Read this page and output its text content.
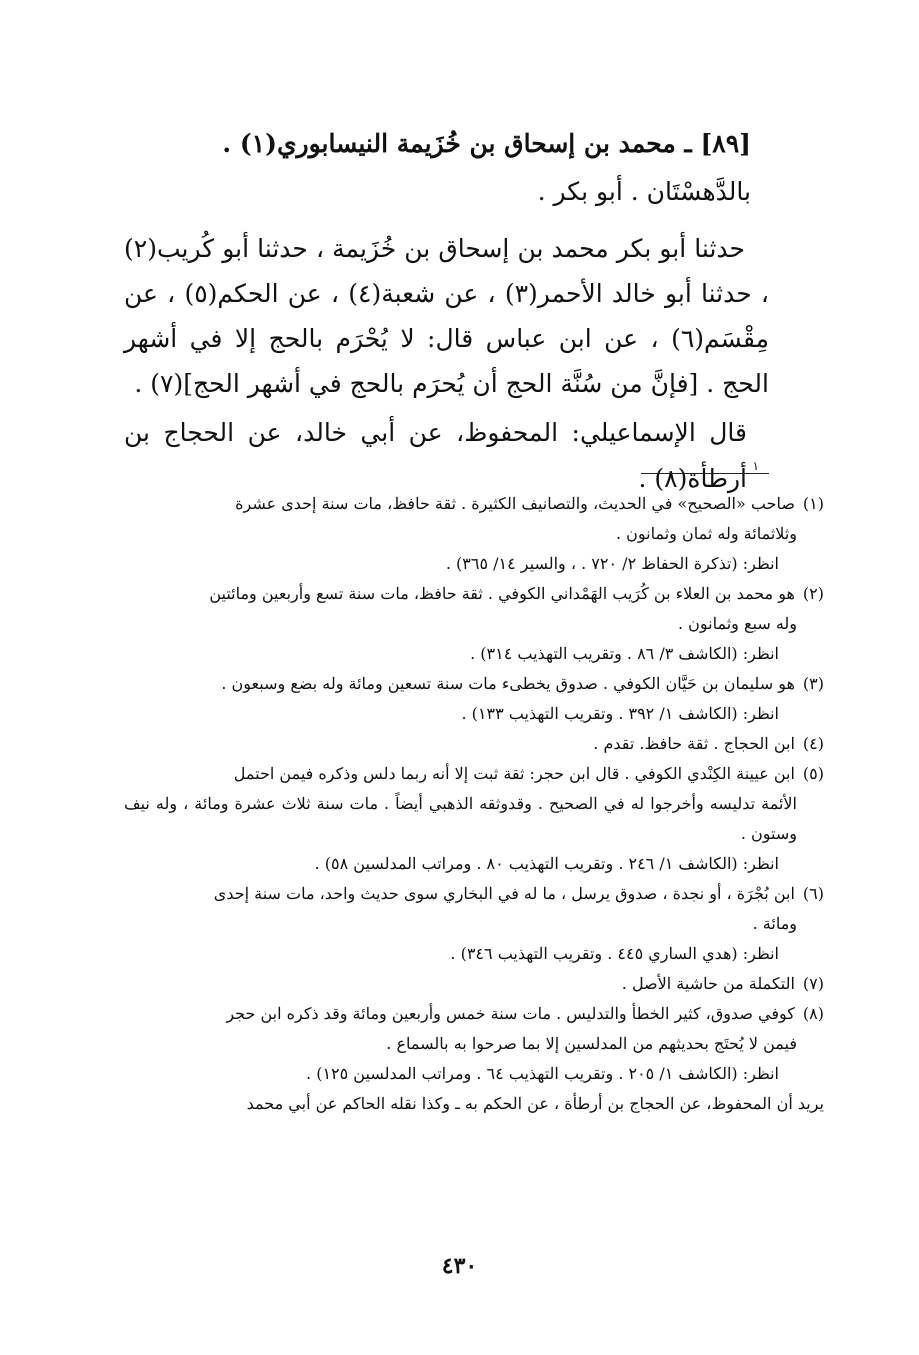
[٨٩] ـ محمد بن إسحاق بن خُزَيمة النيسابوري(١) .

بالدَّهسْتَان . أبو بكر .

حدثنا أبو بكر محمد بن إسحاق بن خُزَيمة ، حدثنا أبو كُريب(٢) ، حدثنا أبو خالد الأحمر(٣) ، عن شعبة(٤) ، عن الحكم(٥) ، عن مِقْسَم(٦) ، عن ابن عباس قال: لا يُحْرَم بالحج إلا في أشهر الحج . [فإنَّ من سُنَّة الحج أن يُحرَم بالحج في أشهر الحج](٧) .

قال الإسماعيلي: المحفوظ، عن أبي خالد، عن الحجاج بن أرطأة(٨) . ١

(١) صاحب «الصحيح» في الحديث، والتصانيف الكثيرة . ثقة حافظ، مات سنة إحدى عشرة

وثلاثمائة وله ثمان وثمانون .

انظر: (تذكرة الحفاظ ٢/ ٧٢٠ . ، والسير ١٤/ ٣٦٥) .

(٢) هو محمد بن العلاء بن كُرَيب الهَمْداني الكوفي . ثقة حافظ، مات سنة تسع وأربعين ومائتين

وله سبع وثمانون .

انظر: (الكاشف ٣/ ٨٦ . وتقريب التهذيب ٣١٤) .

(٣) هو سليمان بن حَيَّان الكوفي . صدوق يخطىء مات سنة تسعين ومائة وله بضع وسبعون .

انظر: (الكاشف ١/ ٣٩٢ . وتقريب التهذيب ١٣٣) .

(٤) ابن الحجاج . ثقة حافظ. تقدم .

(٥) ابن عيينة الكِنْدي الكوفي . قال ابن حجر: ثقة ثبت إلا أنه ربما دلس وذكره فيمن احتمل

الأئمة تدليسه وأخرجوا له في الصحيح . وقدوثقه الذهبي أيضاً . مات سنة ثلاث عشرة ومائة ، وله نيف وستون .

انظر: (الكاشف ١/ ٢٤٦ . وتقريب التهذيب ٨٠ . ومراتب المدلسين ٥٨) .

(٦) ابن بُجْرَة ، أو نجدة ، صدوق يرسل ، ما له في البخاري سوى حديث واحد، مات سنة إحدى

ومائة .

انظر: (هدي الساري ٤٤٥ . وتقريب التهذيب ٣٤٦) .

(٧) التكملة من حاشية الأصل .

(٨) كوفي صدوق، كثير الخطأ والتدليس . مات سنة خمس وأربعين ومائة وقد ذكره ابن حجر

فيمن لا يُحتَج بحديثهم من المدلسين إلا بما صرحوا به بالسماع .

انظر: (الكاشف ١/ ٢٠٥ . وتقريب التهذيب ٦٤ . ومراتب المدلسين ١٢٥) .

يريد أن المحفوظ، عن الحجاج بن أرطأة ، عن الحكم به ـ وكذا نقله الحاكم عن أبي محمد

٤٣٠
